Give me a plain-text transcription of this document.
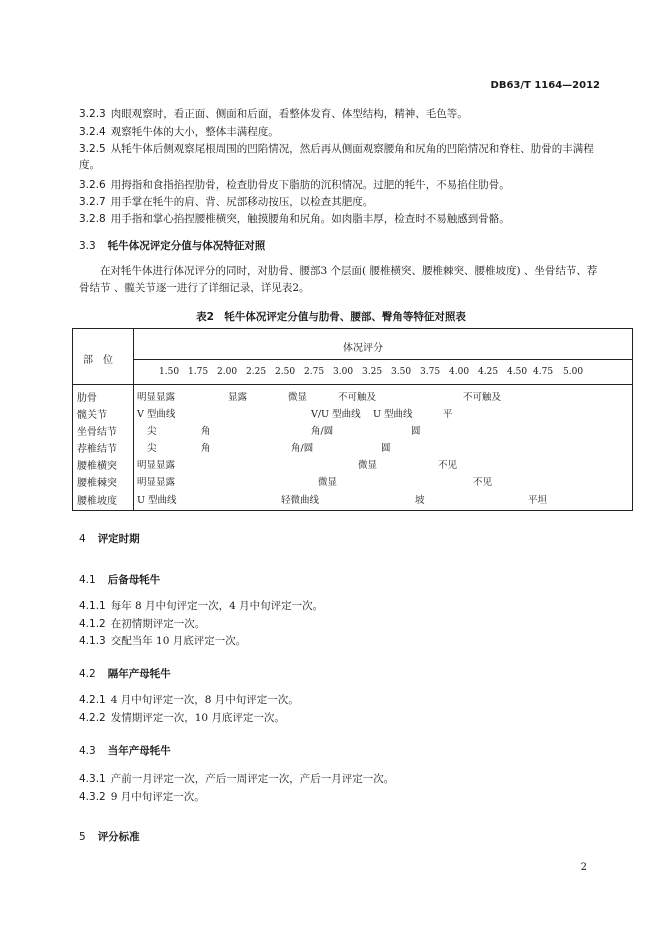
DB63/T 1164—2012
3.2.3 肉眼观察时，看正面、侧面和后面，看整体发育、体型结构，精神、毛色等。
3.2.4 观察牦牛体的大小，整体丰满程度。
3.2.5 从牦牛体后侧观察尾根周围的凹陷情况，然后再从侧面观察腰角和尻角的凹陷情况和脊柱、肋骨的丰满程度。
3.2.6 用拇指和食指掐捏肋骨，检查肋骨皮下脂肪的沉积情况。过肥的牦牛，不易掐住肋骨。
3.2.7 用手掌在牦牛的肩、背、尻部移动按压，以检查其肥度。
3.2.8 用手指和掌心掐捏腰椎横突，触摸腰角和尻角。如肉脂丰厚，检查时不易触感到骨骼。
3.3 牦牛体况评定分值与体况特征对照
在对牦牛体进行体况评分的同时，对肋骨、腰部3 个层面( 腰椎横突、腰椎棘突、腰椎坡度) 、坐骨结节、荐骨结节 、髋关节逐一进行了详细记录，详见表2。
表2　牦牛体况评定分值与肋骨、腰部、臀角等特征对照表
部　位
体况评分
1.50 1.75 2.00 2.25 2.50 2.75 3.00 3.25 3.50 3.75 4.00 4.25 4.50 4.75 5.00
肋骨	明显显露	显露	微显	不可触及	不可触及
髋关节	V 型曲线	V/U 型曲线 U 型曲线	平
坐骨结节	尖	角	角/圆	圆
荐椎结节	尖	角	角/圆	圆
腰椎横突 明显显露	微显	不见
腰椎棘突 明显显露	微显	不见
腰椎坡度 U 型曲线	轻微曲线	坡	平坦
4 评定时期
4.1 后备母牦牛
4.1.1 每年 8 月中旬评定一次，4 月中旬评定一次。
4.1.2 在初情期评定一次。
4.1.3 交配当年 10 月底评定一次。
4.2 隔年产母牦牛
4.2.1 4 月中旬评定一次，8 月中旬评定一次。
4.2.2 发情期评定一次，10 月底评定一次。
4.3 当年产母牦牛
4.3.1 产前一月评定一次，产后一周评定一次，产后一月评定一次。
4.3.2 9 月中旬评定一次。
5 评分标准
2
